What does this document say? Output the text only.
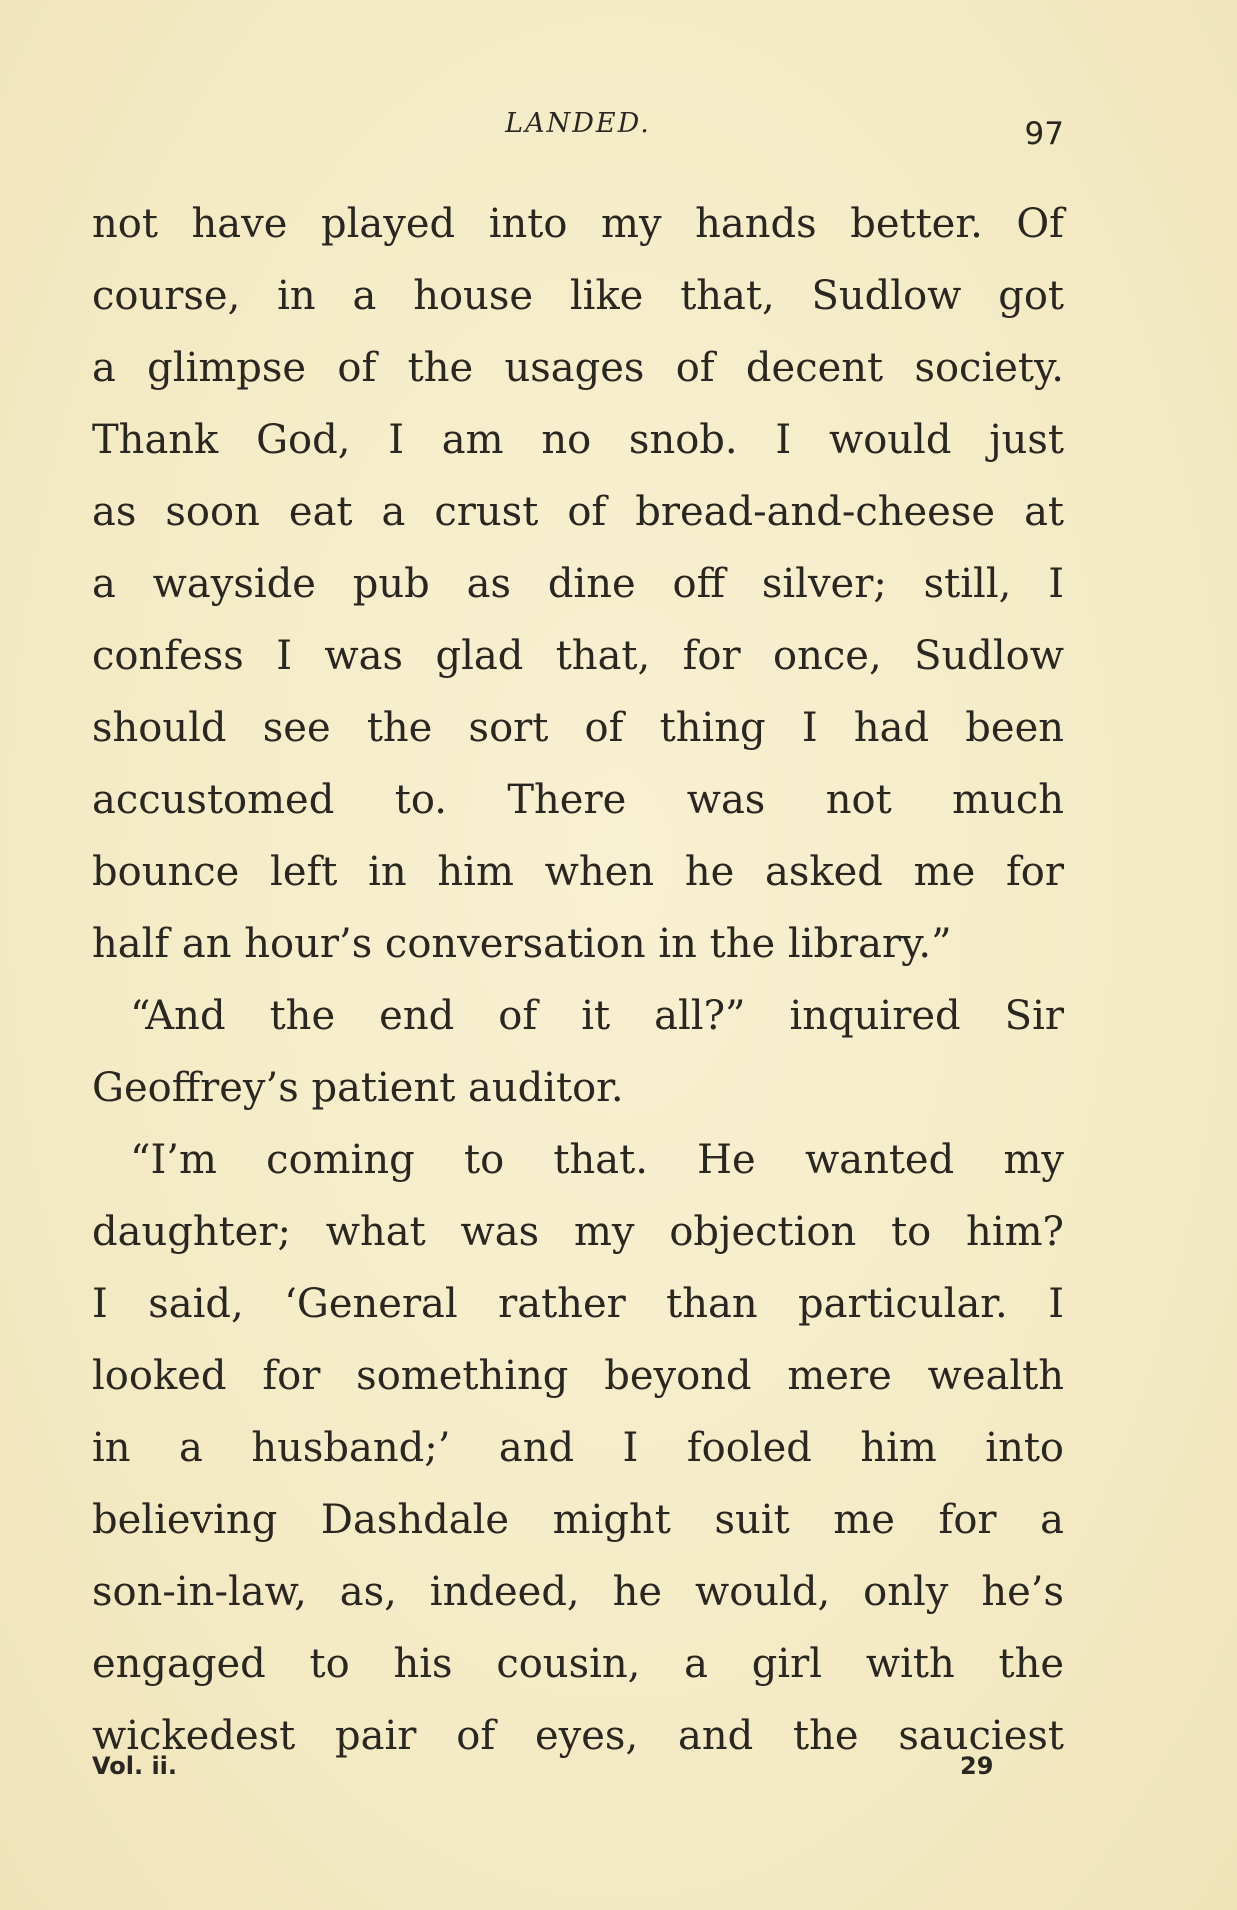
LANDED.	97
not have played into my hands better. Of
course, in a house like that, Sudlow got
a glimpse of the usages of decent society.
Thank God, I am no snob. I would just
as soon eat a crust of bread-and-cheese at
a wayside pub as dine off silver; still, I
confess I was glad that, for once, Sudlow
should see the sort of thing I had been
accustomed to. There was not much
bounce left in him when he asked me for
half an hour’s conversation in the library.”
“And the end of it all?” inquired Sir
Geoffrey’s patient auditor.
“I’m coming to that. He wanted my
daughter; what was my objection to him?
I said, ‘General rather than particular. I
looked for something beyond mere wealth
in a husband;’ and I fooled him into
believing Dashdale might suit me for a
son-in-law, as, indeed, he would, only he’s
engaged to his cousin, a girl with the
wickedest pair of eyes, and the sauciest
Vol. ii.	29
